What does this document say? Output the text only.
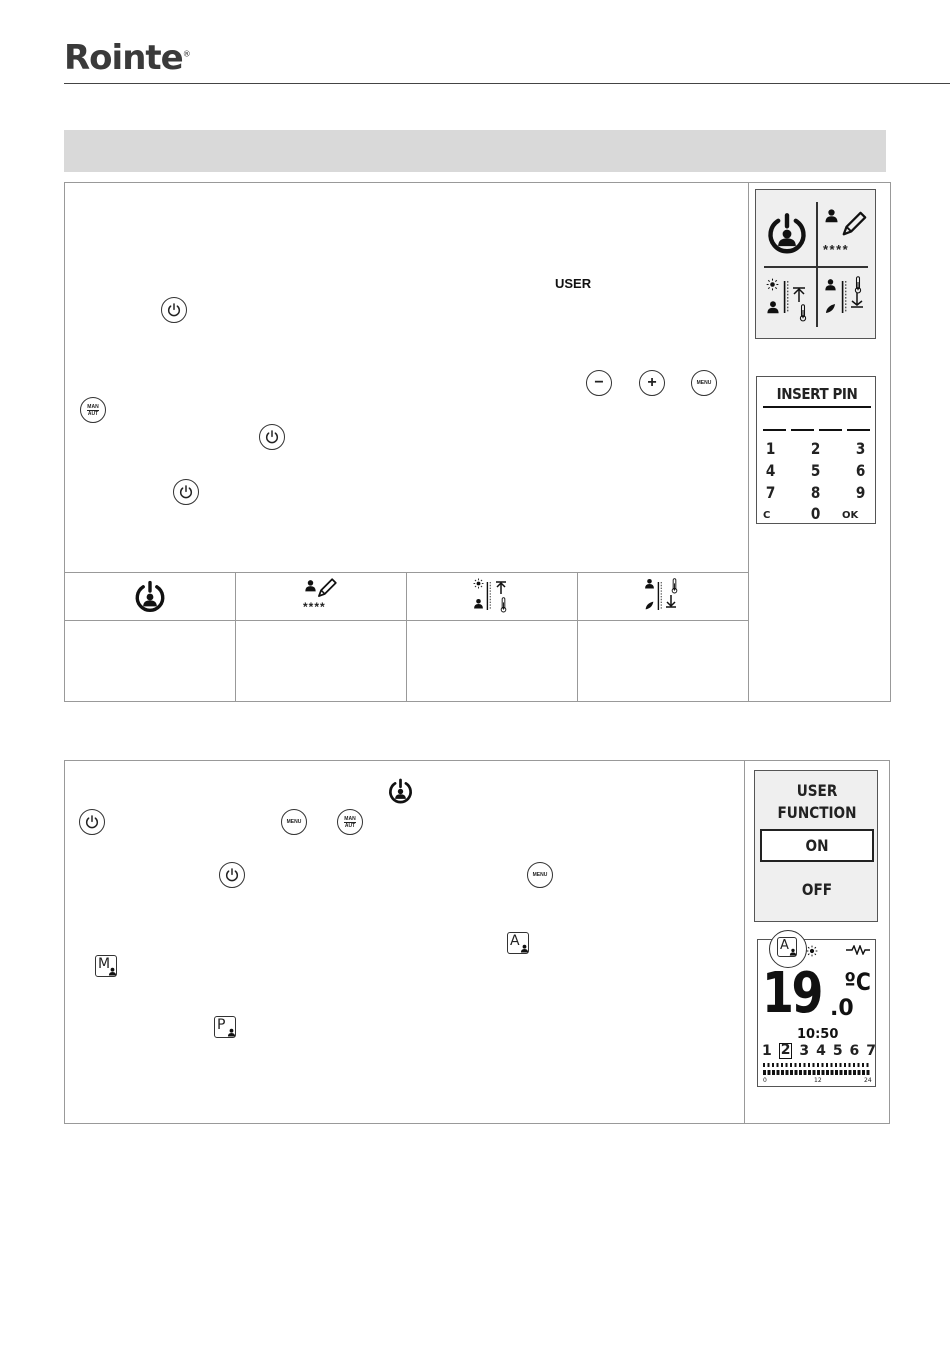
Rointe®
USER
−	+	MENU
MAN
AUT
****
****
INSERT PIN
1 2 3
4 5 6
7 8 9
C	0 OK
MENU
MAN
AUT
MENU
A
M
P
USER
FUNCTION
ON
OFF
A
19 .0
ºC
10:50
1 2 3 4 5 6 7
0	12	24
